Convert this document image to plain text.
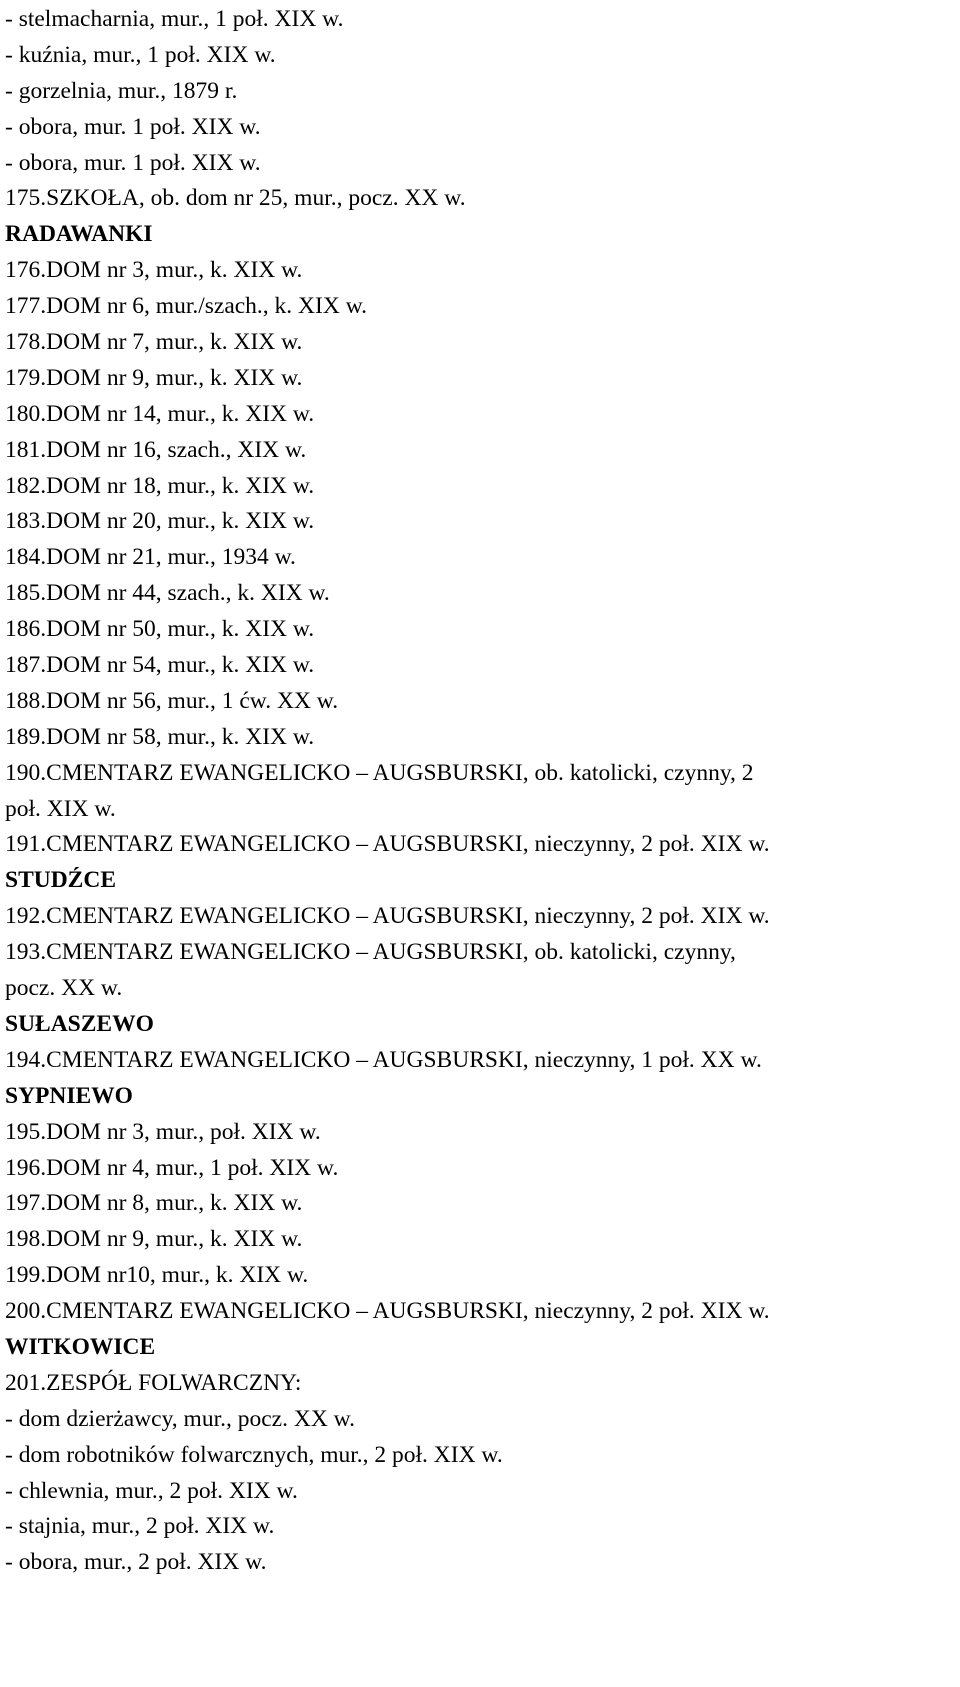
- stelmacharnia, mur., 1 poł. XIX w.
- kuźnia, mur., 1 poł. XIX w.
- gorzelnia, mur., 1879 r.
- obora, mur. 1 poł. XIX w.
- obora, mur. 1 poł. XIX w.
175.SZKOŁA, ob. dom nr 25, mur., pocz. XX w.
RADAWANKI
176.DOM nr 3, mur., k. XIX w.
177.DOM nr 6, mur./szach., k. XIX w.
178.DOM nr 7, mur., k. XIX w.
179.DOM nr 9, mur., k. XIX w.
180.DOM nr 14, mur., k. XIX w.
181.DOM nr 16, szach., XIX w.
182.DOM nr 18, mur., k. XIX w.
183.DOM nr 20, mur., k. XIX w.
184.DOM nr 21, mur., 1934 w.
185.DOM nr 44, szach., k. XIX w.
186.DOM nr 50, mur., k. XIX w.
187.DOM nr 54, mur., k. XIX w.
188.DOM nr 56, mur., 1 ćw. XX w.
189.DOM nr 58, mur., k. XIX w.
190.CMENTARZ EWANGELICKO – AUGSBURSKI, ob. katolicki, czynny, 2
poł. XIX w.
191.CMENTARZ EWANGELICKO – AUGSBURSKI, nieczynny, 2 poł. XIX w.
STUDŹCE
192.CMENTARZ EWANGELICKO – AUGSBURSKI, nieczynny, 2 poł. XIX w.
193.CMENTARZ EWANGELICKO – AUGSBURSKI, ob. katolicki, czynny,
pocz. XX w.
SUŁASZEWO
194.CMENTARZ EWANGELICKO – AUGSBURSKI, nieczynny, 1 poł. XX w.
SYPNIEWO
195.DOM nr 3, mur., poł. XIX w.
196.DOM nr 4, mur., 1 poł. XIX w.
197.DOM nr 8, mur., k. XIX w.
198.DOM nr 9, mur., k. XIX w.
199.DOM nr10, mur., k. XIX w.
200.CMENTARZ EWANGELICKO – AUGSBURSKI, nieczynny, 2 poł. XIX w.
WITKOWICE
201.ZESPÓŁ FOLWARCZNY:
- dom dzierżawcy, mur., pocz. XX w.
- dom robotników folwarcznych, mur., 2 poł. XIX w.
- chlewnia, mur., 2 poł. XIX w.
- stajnia, mur., 2 poł. XIX w.
- obora, mur., 2 poł. XIX w.
